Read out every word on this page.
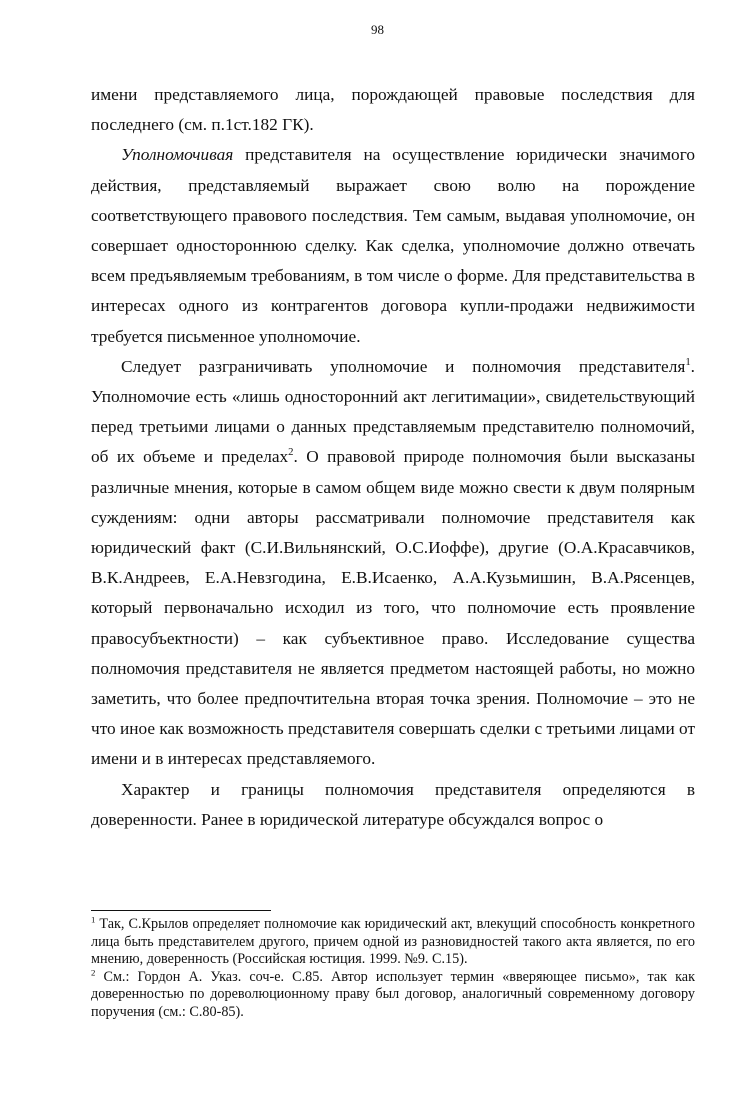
98

имени представляемого лица, порождающей правовые последствия для последнего (см. п.1ст.182 ГК).

Уполномочивая представителя на осуществление юридически значимого действия, представляемый выражает свою волю на порождение соответствующего правового последствия. Тем самым, выдавая уполномочие, он совершает одностороннюю сделку. Как сделка, уполномочие должно отвечать всем предъявляемым требованиям, в том числе о форме. Для представительства в интересах одного из контрагентов договора купли-продажи недвижимости требуется письменное уполномочие.

Следует разграничивать уполномочие и полномочия представителя$^1$. Уполномочие есть «лишь односторонний акт легитимации», свидетельствующий перед третьими лицами о данных представляемым представителю полномочий, об их объеме и пределах$^2$. О правовой природе полномочия были высказаны различные мнения, которые в самом общем виде можно свести к двум полярным суждениям: одни авторы рассматривали полномочие представителя как юридический факт (С.И.Вильнянский, О.С.Иоффе), другие (О.А.Красавчиков, В.К.Андреев, Е.А.Невзгодина, Е.В.Исаенко, А.А.Кузьмишин, В.А.Рясенцев, который первоначально исходил из того, что полномочие есть проявление правосубъектности) – как субъективное право. Исследование существа полномочия представителя не является предметом настоящей работы, но можно заметить, что более предпочтительна вторая точка зрения. Полномочие – это не что иное как возможность представителя совершать сделки с третьими лицами от имени и в интересах представляемого.

Характер и границы полномочия представителя определяются в доверенности. Ранее в юридической литературе обсуждался вопрос о

$^1$ Так, С.Крылов определяет полномочие как юридический акт, влекущий способность конкретного лица быть представителем другого, причем одной из разновидностей такого акта является, по его мнению, доверенность (Российская юстиция. 1999. №9. С.15).

$^2$ См.: Гордон А. Указ. соч-е. С.85. Автор использует термин «вверяющее письмо», так как доверенностью по дореволюционному праву был договор, аналогичный современному договору поручения (см.: С.80-85).
